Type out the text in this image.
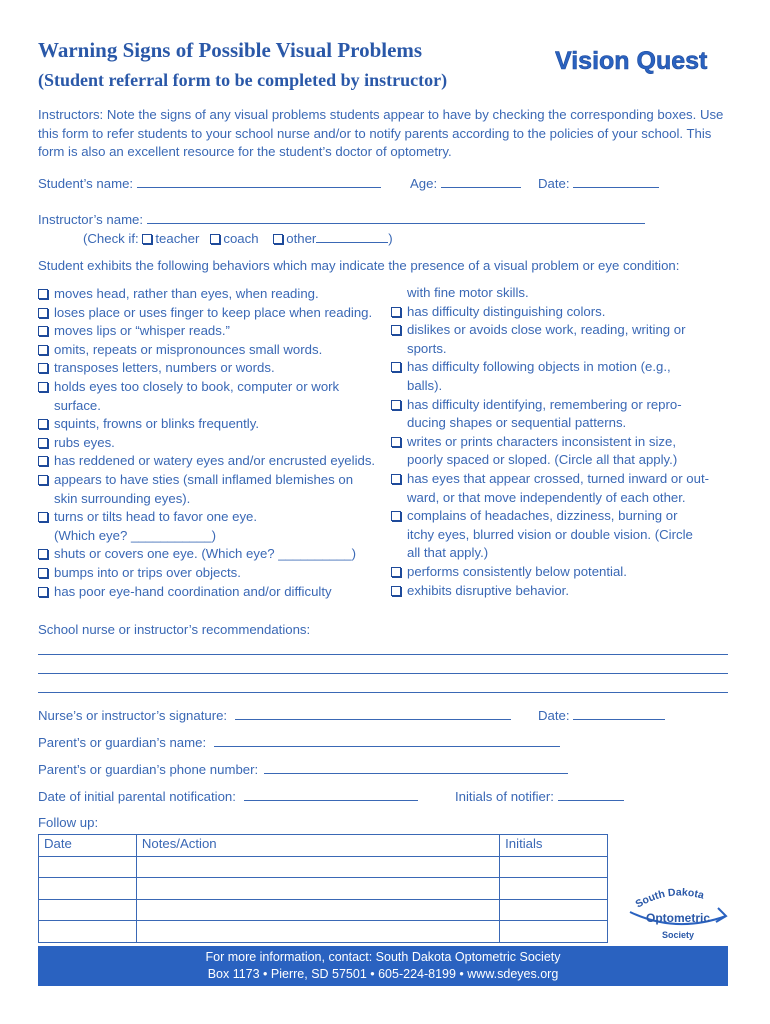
Warning Signs of Possible Visual Problems
(Student referral form to be completed by instructor)
Vision Quest
Instructors: Note the signs of any visual problems students appear to have by checking the corresponding boxes. Use this form to refer students to your school nurse and/or to notify parents according to the policies of your school. This form is also an excellent resource for the student’s doctor of optometry.
Student’s name:	Age:	Date:
Instructor’s name:
(Check if: teacher coach other	)
Student exhibits the following behaviors which may indicate the presence of a visual problem or eye condition:
moves head, rather than eyes, when reading.
loses place or uses finger to keep place when reading.
moves lips or “whisper reads.”
omits, repeats or mispronounces small words.
transposes letters, numbers or words.
holds eyes too closely to book, computer or work
surface.
squints, frowns or blinks frequently.
rubs eyes.
has reddened or watery eyes and/or encrusted eyelids.
appears to have sties (small inflamed blemishes on
skin surrounding eyes).
turns or tilts head to favor one eye.
(Which eye? ___________)
shuts or covers one eye. (Which eye? __________)
bumps into or trips over objects.
has poor eye-hand coordination and/or difficulty
with fine motor skills.
has difficulty distinguishing colors.
dislikes or avoids close work, reading, writing or
sports.
has difficulty following objects in motion (e.g.,
balls).
has difficulty identifying, remembering or repro-
ducing shapes or sequential patterns.
writes or prints characters inconsistent in size,
poorly spaced or sloped. (Circle all that apply.)
has eyes that appear crossed, turned inward or out-
ward, or that move independently of each other.
complains of headaches, dizziness, burning or
itchy eyes, blurred vision or double vision. (Circle
all that apply.)
performs consistently below potential.
exhibits disruptive behavior.
School nurse or instructor’s recommendations:
Nurse’s or instructor’s signature:	Date:
Parent’s or guardian’s name:
Parent’s or guardian’s phone number:
Date of initial parental notification:	Initials of notifier:
Follow up:
Date	Notes/Action	Initials

South Dakota
Optometric
Society
For more information, contact: South Dakota Optometric Society
Box 1173 • Pierre, SD 57501 • 605-224-8199 • www.sdeyes.org
